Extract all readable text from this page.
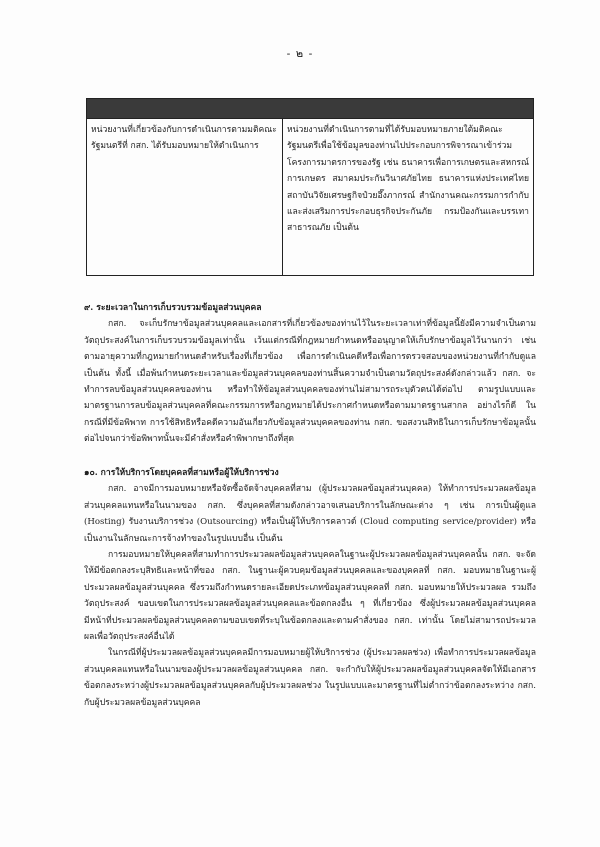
- ๒ -
หน่วยงานที่เกี่ยวข้องกับการดำเนินการตามมติคณะรัฐมนตรีที่ กสก. ได้รับมอบหมายให้ดำเนินการ
หน่วยงานที่ดำเนินการตามที่ได้รับมอบหมายภายใต้มติคณะรัฐมนตรีเพื่อใช้ข้อมูลของท่านไปประกอบการพิจารณาเข้าร่วมโครงการมาตรการของรัฐ เช่น ธนาคารเพื่อการเกษตรและสหกรณ์การเกษตร สมาคมประกันวินาศภัยไทย ธนาคารแห่งประเทศไทย สถาบันวิจัยเศรษฐกิจป๋วยอึ๊งภากรณ์ สำนักงานคณะกรรมการกำกับและส่งเสริมการประกอบธุรกิจประกันภัย กรมป้องกันและบรรเทาสาธารณภัย เป็นต้น
๙. ระยะเวลาในการเก็บรวบรวมข้อมูลส่วนบุคคล
กสก. จะเก็บรักษาข้อมูลส่วนบุคคลและเอกสารที่เกี่ยวข้องของท่านไว้ในระยะเวลาเท่าที่ข้อมูลนี้ยังมีความจำเป็นตามวัตถุประสงค์ในการเก็บรวบรวมข้อมูลเท่านั้น เว้นแต่กรณีที่กฎหมายกำหนดหรืออนุญาตให้เก็บรักษาข้อมูลไว้นานกว่า เช่น ตามอายุความที่กฎหมายกำหนดสำหรับเรื่องที่เกี่ยวข้อง เพื่อการดำเนินคดีหรือเพื่อการตรวจสอบของหน่วยงานที่กำกับดูแล เป็นต้น ทั้งนี้ เมื่อพ้นกำหนดระยะเวลาและข้อมูลส่วนบุคคลของท่านสิ้นความจำเป็นตามวัตถุประสงค์ดังกล่าวแล้ว กสก. จะทำการลบข้อมูลส่วนบุคคลของท่าน หรือทำให้ข้อมูลส่วนบุคคลของท่านไม่สามารถระบุตัวตนได้ต่อไป ตามรูปแบบและมาตรฐานการลบข้อมูลส่วนบุคคลที่คณะกรรมการหรือกฎหมายได้ประกาศกำหนดหรือตามมาตรฐานสากล อย่างไรก็ดี ในกรณีที่มีข้อพิพาท การใช้สิทธิหรือคดีความอันเกี่ยวกับข้อมูลส่วนบุคคลของท่าน กสก. ขอสงวนสิทธิในการเก็บรักษาข้อมูลนั้นต่อไปจนกว่าข้อพิพาทนั้นจะมีคำสั่งหรือคำพิพากษาถึงที่สุด
๑๐. การให้บริการโดยบุคคลที่สามหรือผู้ให้บริการช่วง
กสก. อาจมีการมอบหมายหรือจัดซื้อจัดจ้างบุคคลที่สาม (ผู้ประมวลผลข้อมูลส่วนบุคคล) ให้ทำการประมวลผลข้อมูลส่วนบุคคลแทนหรือในนามของ กสก. ซึ่งบุคคลที่สามดังกล่าวอาจเสนอบริการในลักษณะต่าง ๆ เช่น การเป็นผู้ดูแล (Hosting) รับงานบริการช่วง (Outsourcing) หรือเป็นผู้ให้บริการคลาวด์ (Cloud computing service/provider) หรือเป็นงานในลักษณะการจ้างทำของในรูปแบบอื่น เป็นต้น
การมอบหมายให้บุคคลที่สามทำการประมวลผลข้อมูลส่วนบุคคลในฐานะผู้ประมวลผลข้อมูลส่วนบุคคลนั้น กสก. จะจัดให้มีข้อตกลงระบุสิทธิและหน้าที่ของ กสก. ในฐานะผู้ควบคุมข้อมูลส่วนบุคคลและของบุคคลที่ กสก. มอบหมายในฐานะผู้ประมวลผลข้อมูลส่วนบุคคล ซึ่งรวมถึงกำหนดรายละเอียดประเภทข้อมูลส่วนบุคคลที่ กสก. มอบหมายให้ประมวลผล รวมถึงวัตถุประสงค์ ขอบเขตในการประมวลผลข้อมูลส่วนบุคคลและข้อตกลงอื่น ๆ ที่เกี่ยวข้อง ซึ่งผู้ประมวลผลข้อมูลส่วนบุคคลมีหน้าที่ประมวลผลข้อมูลส่วนบุคคลตามขอบเขตที่ระบุในข้อตกลงและตามคำสั่งของ กสก. เท่านั้น โดยไม่สามารถประมวลผลเพื่อวัตถุประสงค์อื่นได้
ในกรณีที่ผู้ประมวลผลข้อมูลส่วนบุคคลมีการมอบหมายผู้ให้บริการช่วง (ผู้ประมวลผลช่วง) เพื่อทำการประมวลผลข้อมูลส่วนบุคคลแทนหรือในนามของผู้ประมวลผลข้อมูลส่วนบุคคล กสก. จะกำกับให้ผู้ประมวลผลข้อมูลส่วนบุคคลจัดให้มีเอกสารข้อตกลงระหว่างผู้ประมวลผลข้อมูลส่วนบุคคลกับผู้ประมวลผลช่วง ในรูปแบบและมาตรฐานที่ไม่ต่ำกว่าข้อตกลงระหว่าง กสก. กับผู้ประมวลผลข้อมูลส่วนบุคคล
